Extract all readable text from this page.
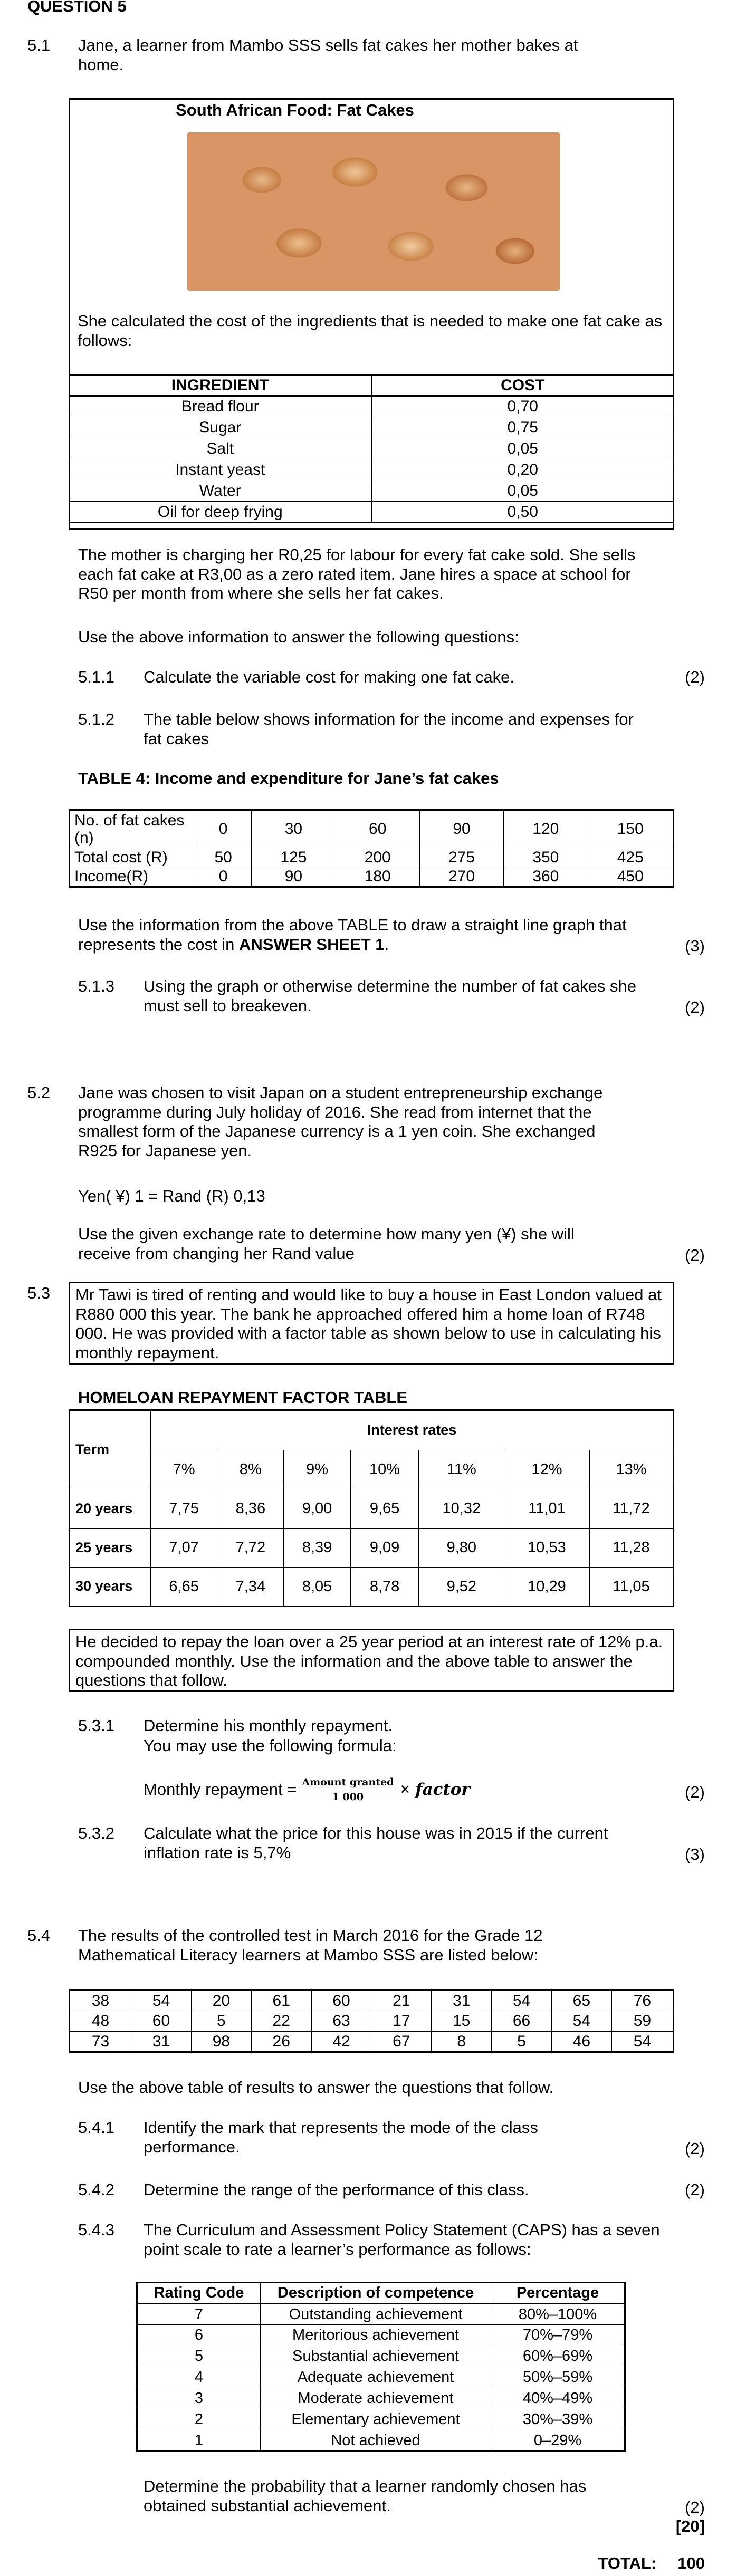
QUESTION 5
5.1 Jane, a learner from Mambo SSS sells fat cakes her mother bakes at home.
South African Food: Fat Cakes
She calculated the cost of the ingredients that is needed to make one fat cake as follows:
INGREDIENT	COST
Bread flour	0,70
Sugar	0,75
Salt	0,05
Instant yeast	0,20
Water	0,05
Oil for deep frying	0,50
The mother is charging her R0,25 for labour for every fat cake sold. She sells each fat cake at R3,00 as a zero rated item. Jane hires a space at school for R50 per month from where she sells her fat cakes.
Use the above information to answer the following questions:
5.1.1 Calculate the variable cost for making one fat cake.	(2)
5.1.2 The table below shows information for the income and expenses for fat cakes
TABLE 4: Income and expenditure for Jane’s fat cakes
No. of fat cakes (n)	0	30	60	90	120	150
Total cost (R)	50	125	200	275	350	425
Income(R)	0	90	180	270	360	450
Use the information from the above TABLE to draw a straight line graph that represents the cost in ANSWER SHEET 1.	(3)
5.1.3 Using the graph or otherwise determine the number of fat cakes she must sell to breakeven.	(2)
5.2 Jane was chosen to visit Japan on a student entrepreneurship exchange programme during July holiday of 2016. She read from internet that the smallest form of the Japanese currency is a 1 yen coin. She exchanged R925 for Japanese yen.
Yen( ¥) 1 = Rand (R) 0,13
Use the given exchange rate to determine how many yen (¥) she will receive from changing her Rand value	(2)
5.3 Mr Tawi is tired of renting and would like to buy a house in East London valued at R880 000 this year. The bank he approached offered him a home loan of R748 000. He was provided with a factor table as shown below to use in calculating his monthly repayment.
HOMELOAN REPAYMENT FACTOR TABLE
Term	Interest rates						
	7%	8%	9%	10%	11%	12%	13%
20 years	7,75	8,36	9,00	9,65	10,32	11,01	11,72
25 years	7,07	7,72	8,39	9,09	9,80	10,53	11,28
30 years	6,65	7,34	8,05	8,78	9,52	10,29	11,05
He decided to repay the loan over a 25 year period at an interest rate of 12% p.a. compounded monthly. Use the information and the above table to answer the questions that follow.
5.3.1 Determine his monthly repayment.
You may use the following formula:
Monthly repayment = Amount granted
1 000 × factor	(2)
5.3.2 Calculate what the price for this house was in 2015 if the current inflation rate is 5,7%	(3)
5.4 The results of the controlled test in March 2016 for the Grade 12 Mathematical Literacy learners at Mambo SSS are listed below:
38	54	20	61	60	21	31	54	65	76
48	60	5	22	63	17	15	66	54	59
73	31	98	26	42	67	8	5	46	54
Use the above table of results to answer the questions that follow.
5.4.1 Identify the mark that represents the mode of the class performance.	(2)
5.4.2 Determine the range of the performance of this class.	(2)
5.4.3 The Curriculum and Assessment Policy Statement (CAPS) has a seven point scale to rate a learner’s performance as follows:
Rating Code	Description of competence	Percentage
7	Outstanding achievement	80%–100%
6	Meritorious achievement	70%–79%
5	Substantial achievement	60%–69%
4	Adequate achievement	50%–59%
3	Moderate achievement	40%–49%
2	Elementary achievement	30%–39%
1	Not achieved	0–29%
Determine the probability that a learner randomly chosen has obtained substantial achievement.	(2)
[20]
TOTAL: 100
